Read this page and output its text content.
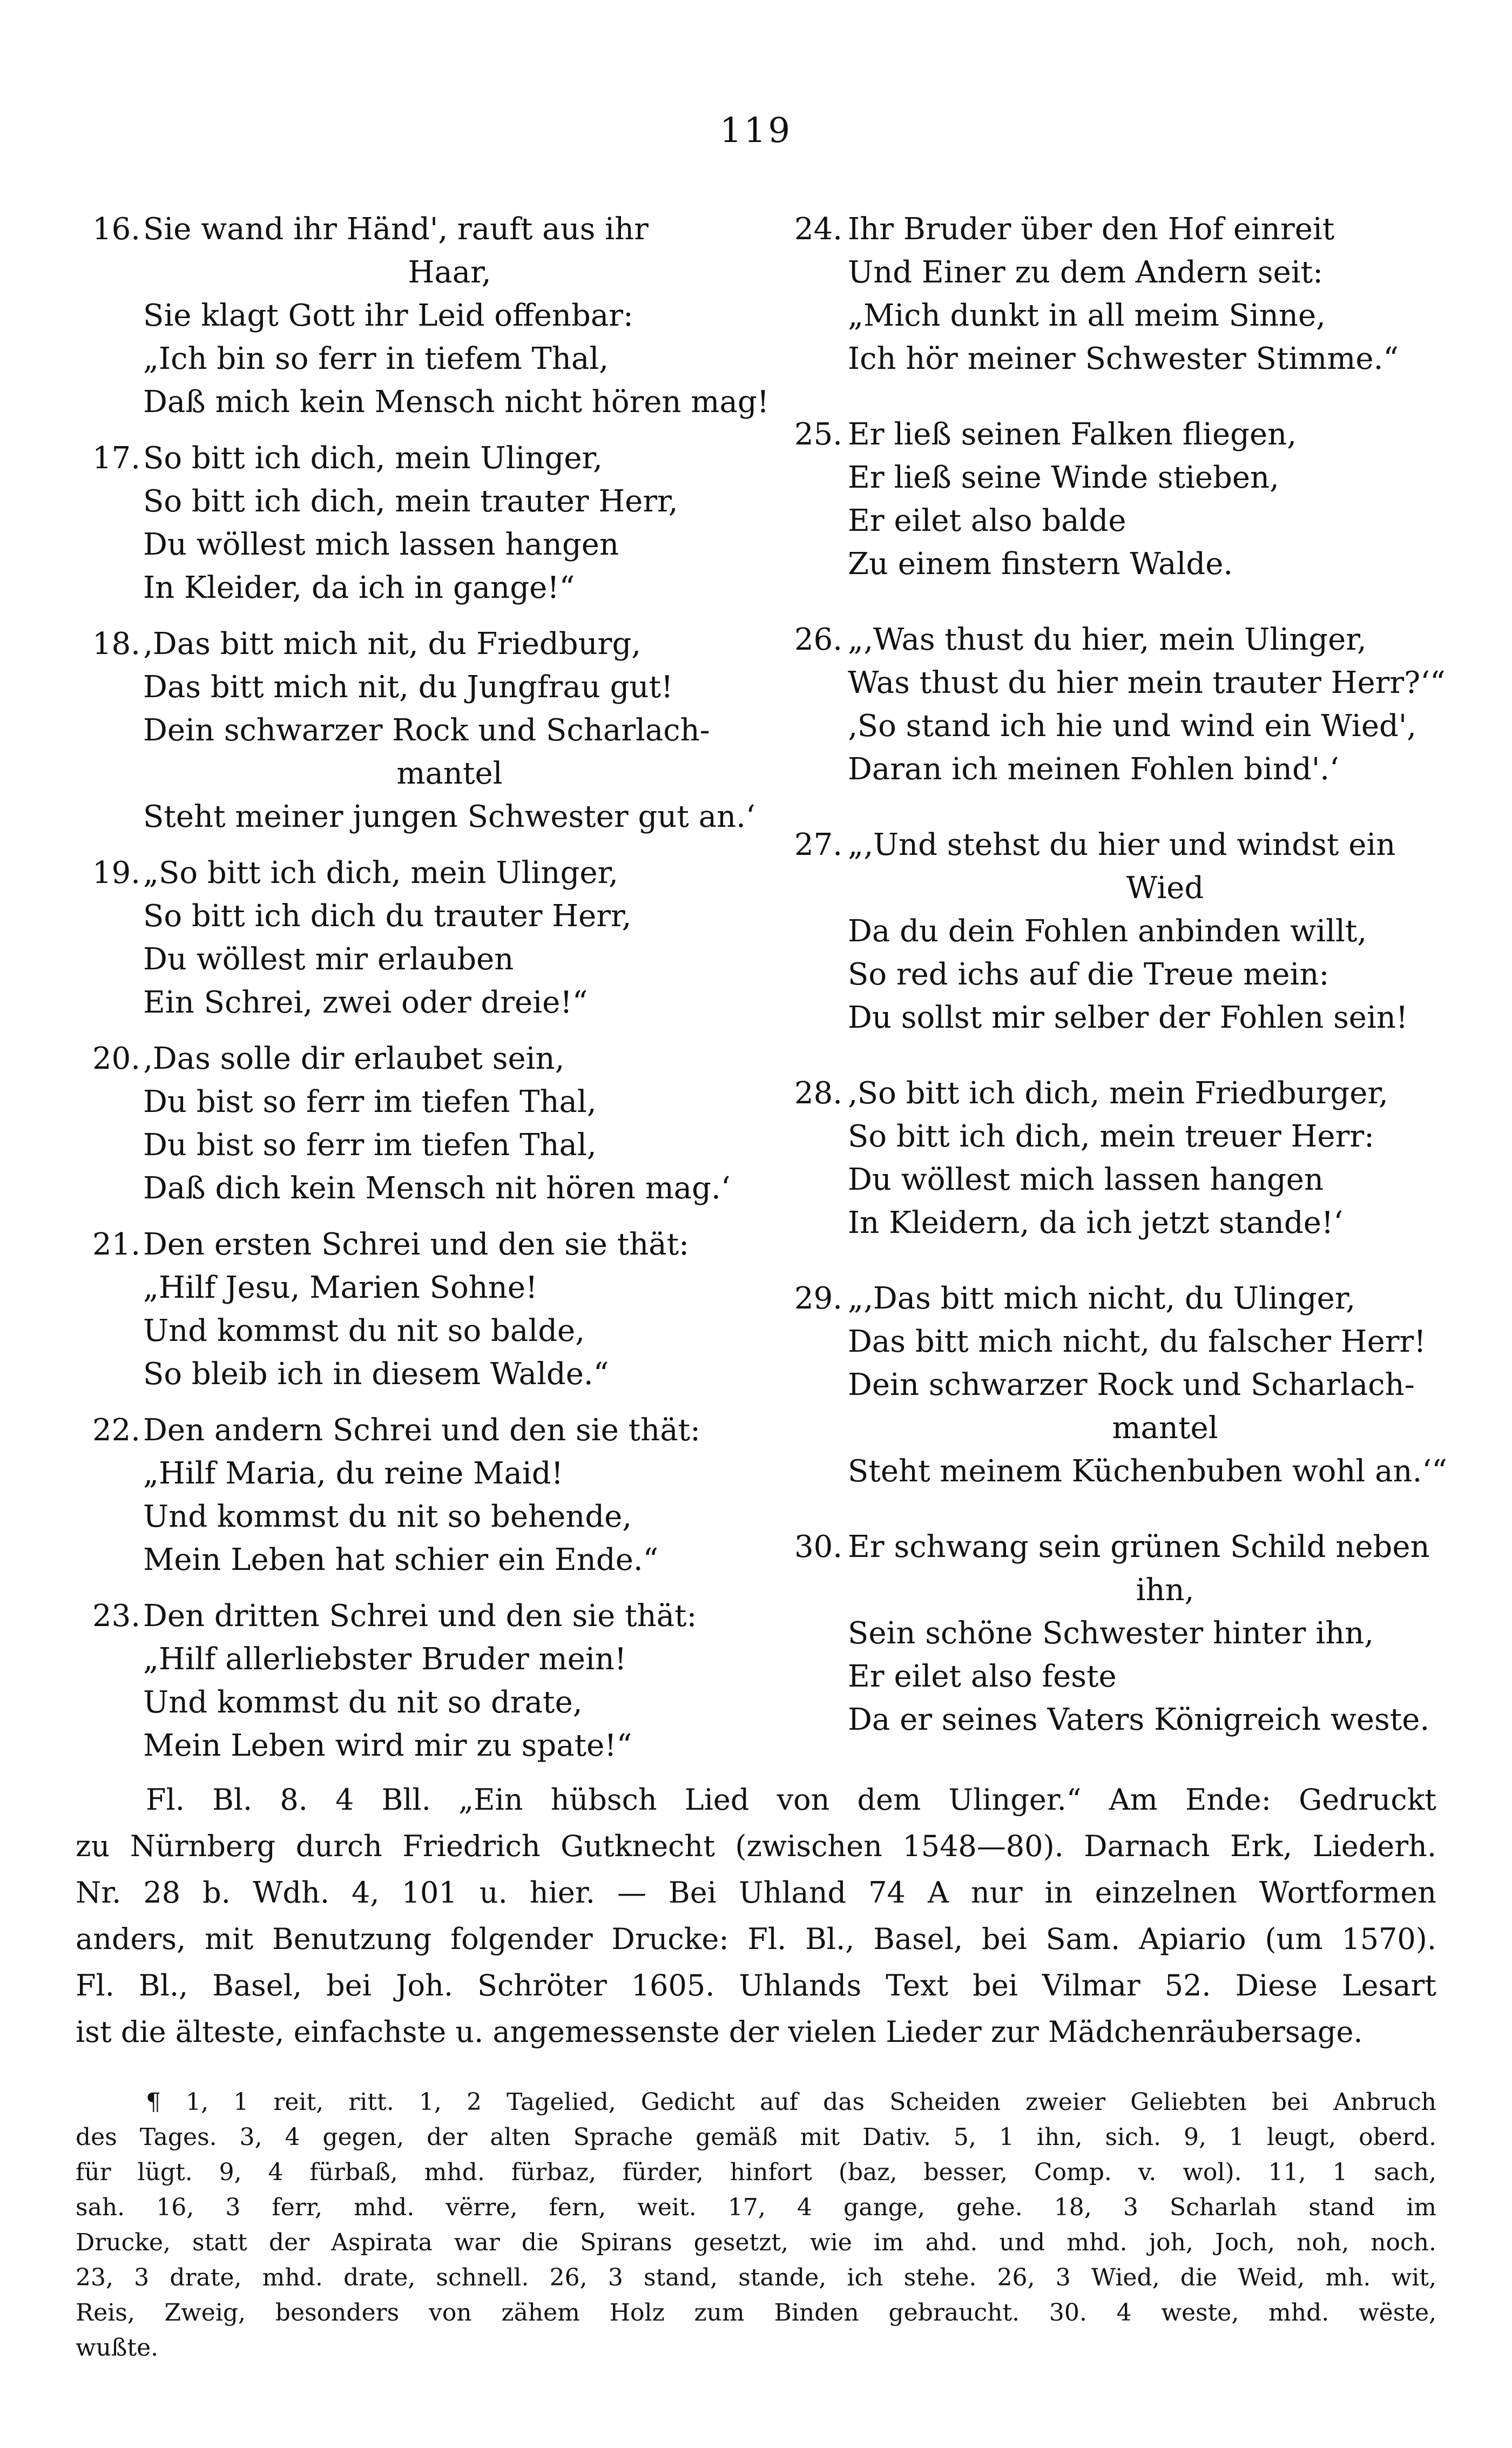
119
16. Sie wand ihr Händ', rauft aus ihr
Haar,
Sie klagt Gott ihr Leid offenbar:
„Ich bin so ferr in tiefem Thal,
Daß mich kein Mensch nicht hören mag!
17. So bitt ich dich, mein Ulinger,
So bitt ich dich, mein trauter Herr,
Du wöllest mich lassen hangen
In Kleider, da ich in gange!“
18. ‚Das bitt mich nit, du Friedburg,
Das bitt mich nit, du Jungfrau gut!
Dein schwarzer Rock und Scharlach-
mantel
Steht meiner jungen Schwester gut an.‘
19. „So bitt ich dich, mein Ulinger,
So bitt ich dich du trauter Herr,
Du wöllest mir erlauben
Ein Schrei, zwei oder dreie!“
20. ‚Das solle dir erlaubet sein,
Du bist so ferr im tiefen Thal,
Du bist so ferr im tiefen Thal,
Daß dich kein Mensch nit hören mag.‘
21. Den ersten Schrei und den sie thät:
„Hilf Jesu, Marien Sohne!
Und kommst du nit so balde,
So bleib ich in diesem Walde.“
22. Den andern Schrei und den sie thät:
„Hilf Maria, du reine Maid!
Und kommst du nit so behende,
Mein Leben hat schier ein Ende.“
23. Den dritten Schrei und den sie thät:
„Hilf allerliebster Bruder mein!
Und kommst du nit so drate,
Mein Leben wird mir zu spate!“
24. Ihr Bruder über den Hof einreit
Und Einer zu dem Andern seit:
„Mich dunkt in all meim Sinne,
Ich hör meiner Schwester Stimme.“
25. Er ließ seinen Falken fliegen,
Er ließ seine Winde stieben,
Er eilet also balde
Zu einem finstern Walde.
26. „‚Was thust du hier, mein Ulinger,
Was thust du hier mein trauter Herr?‘“
‚So stand ich hie und wind ein Wied',
Daran ich meinen Fohlen bind'.‘
27. „‚Und stehst du hier und windst ein
Wied
Da du dein Fohlen anbinden willt,
So red ichs auf die Treue mein:
Du sollst mir selber der Fohlen sein!
28. ‚So bitt ich dich, mein Friedburger,
So bitt ich dich, mein treuer Herr:
Du wöllest mich lassen hangen
In Kleidern, da ich jetzt stande!‘
29. „‚Das bitt mich nicht, du Ulinger,
Das bitt mich nicht, du falscher Herr!
Dein schwarzer Rock und Scharlach-
mantel
Steht meinem Küchenbuben wohl an.‘“
30. Er schwang sein grünen Schild neben
ihn,
Sein schöne Schwester hinter ihn,
Er eilet also feste
Da er seines Vaters Königreich weste.
Fl. Bl. 8. 4 Bll. „Ein hübsch Lied von dem Ulinger.“ Am Ende: Gedruckt
zu Nürnberg durch Friedrich Gutknecht (zwischen 1548—80). Darnach Erk, Liederh.
Nr. 28 b. Wdh. 4, 101 u. hier. — Bei Uhland 74 A nur in einzelnen Wortformen
anders, mit Benutzung folgender Drucke: Fl. Bl., Basel, bei Sam. Apiario (um 1570).
Fl. Bl., Basel, bei Joh. Schröter 1605. Uhlands Text bei Vilmar 52. Diese Lesart
ist die älteste, einfachste u. angemessenste der vielen Lieder zur Mädchenräubersage.
¶ 1, 1 reit, ritt. 1, 2 Tagelied, Gedicht auf das Scheiden zweier Geliebten bei Anbruch
des Tages. 3, 4 gegen, der alten Sprache gemäß mit Dativ. 5, 1 ihn, sich. 9, 1 leugt, oberd.
für lügt. 9, 4 fürbaß, mhd. fürbaz, fürder, hinfort (baz, besser, Comp. v. wol). 11, 1 sach,
sah. 16, 3 ferr, mhd. vërre, fern, weit. 17, 4 gange, gehe. 18, 3 Scharlah stand im
Drucke, statt der Aspirata war die Spirans gesetzt, wie im ahd. und mhd. joh, Joch, noh, noch.
23, 3 drate, mhd. drate, schnell. 26, 3 stand, stande, ich stehe. 26, 3 Wied, die Weid, mh. wit,
Reis, Zweig, besonders von zähem Holz zum Binden gebraucht. 30. 4 weste, mhd. wëste,
wußte.
